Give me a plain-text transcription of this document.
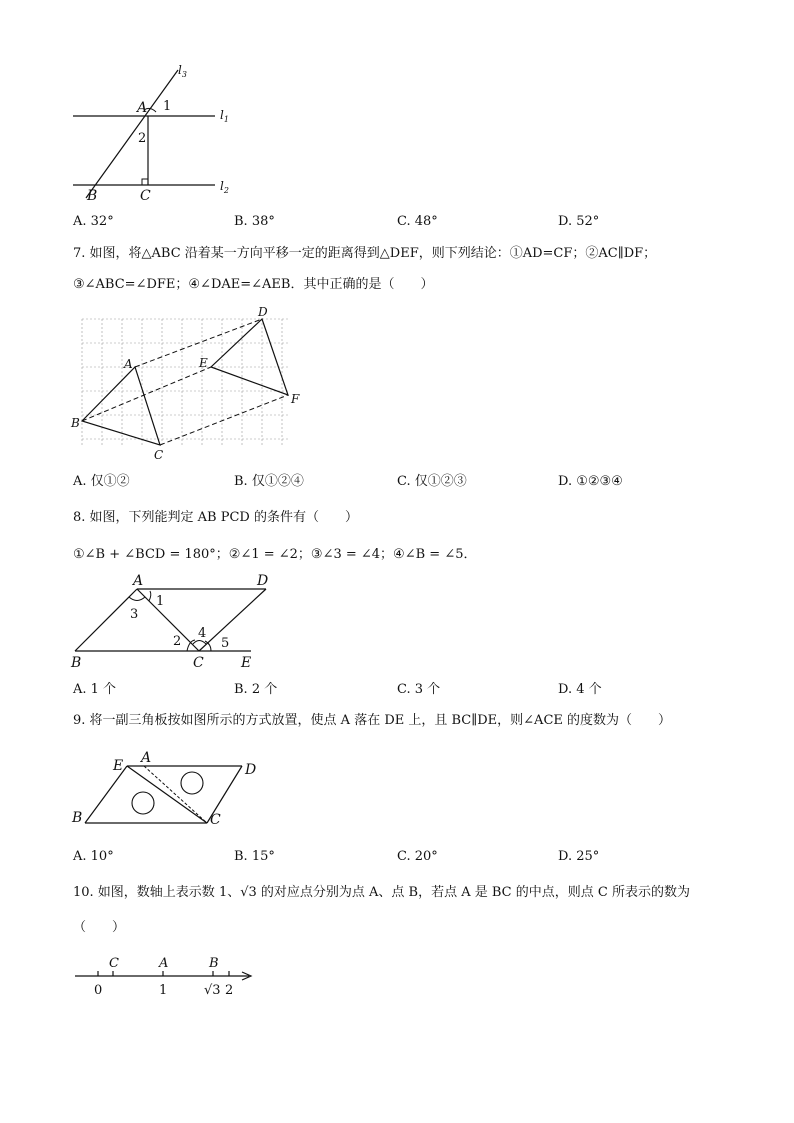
$l_3$
$l_1$
$l_2$
A 1
2
B	C
A. 32°	B. 38°	C. 48°	D. 52°
7. 如图，将△ABC 沿着某一方向平移一定的距离得到△DEF，则下列结论：①AD=CF；②AC∥DF；
③∠ABC=∠DFE；④∠DAE=∠AEB．其中正确的是（　　）
A
B
C
D
E
F
A. 仅①②	B. 仅①②④	C. 仅①②③	D. ①②③④
8. 如图，下列能判定 AB PCD 的条件有（　　）
①∠B + ∠BCD = 180°；②∠1 = ∠2；③∠3 = ∠4；④∠B = ∠5．
A	D
B	C	E
1
2
3
4
5
A. 1 个	B. 2 个	C. 3 个	D. 4 个
9. 将一副三角板按如图所示的方式放置，使点 A 落在 DE 上，且 BC∥DE，则∠ACE 的度数为（　　）
E A
D
B	C
A. 10°	B. 15°	C. 20°	D. 25°
10. 如图，数轴上表示数 1、√3 的对应点分别为点 A、点 B，若点 A 是 BC 的中点，则点 C 所表示的数为
（　　）
C	A	B
0	1	√3 2
